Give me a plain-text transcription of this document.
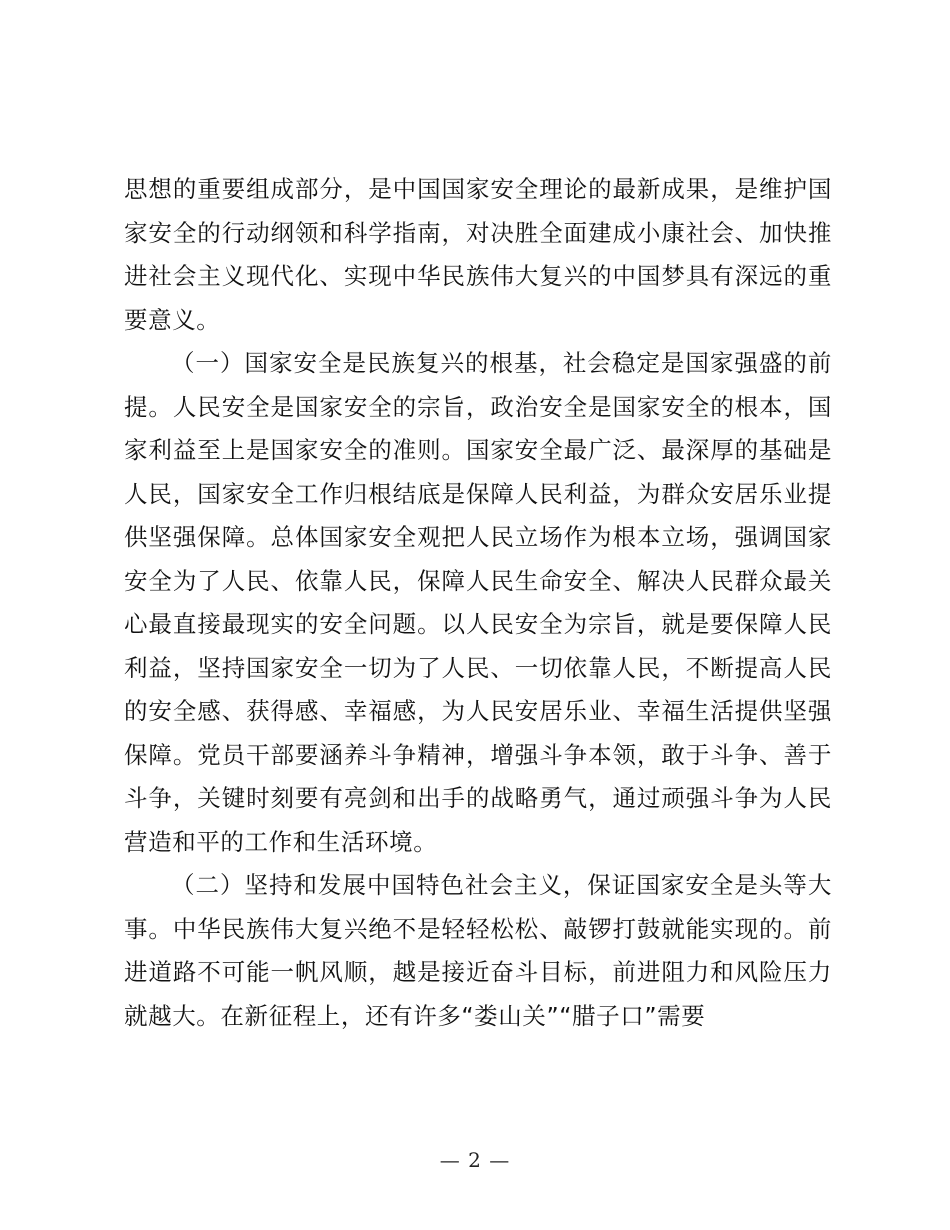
思想的重要组成部分，是中国国家安全理论的最新成果，是维护国家安全的行动纲领和科学指南，对决胜全面建成小康社会、加快推进社会主义现代化、实现中华民族伟大复兴的中国梦具有深远的重要意义。

（一）国家安全是民族复兴的根基，社会稳定是国家强盛的前提。人民安全是国家安全的宗旨，政治安全是国家安全的根本，国家利益至上是国家安全的准则。国家安全最广泛、最深厚的基础是人民，国家安全工作归根结底是保障人民利益，为群众安居乐业提供坚强保障。总体国家安全观把人民立场作为根本立场，强调国家安全为了人民、依靠人民，保障人民生命安全、解决人民群众最关心最直接最现实的安全问题。以人民安全为宗旨，就是要保障人民利益，坚持国家安全一切为了人民、一切依靠人民，不断提高人民的安全感、获得感、幸福感，为人民安居乐业、幸福生活提供坚强保障。党员干部要涵养斗争精神，增强斗争本领，敢于斗争、善于斗争，关键时刻要有亮剑和出手的战略勇气，通过顽强斗争为人民营造和平的工作和生活环境。

（二）坚持和发展中国特色社会主义，保证国家安全是头等大事。中华民族伟大复兴绝不是轻轻松松、敲锣打鼓就能实现的。前进道路不可能一帆风顺，越是接近奋斗目标，前进阻力和风险压力就越大。在新征程上，还有许多“娄山关”“腊子口”需要

— 2 —
